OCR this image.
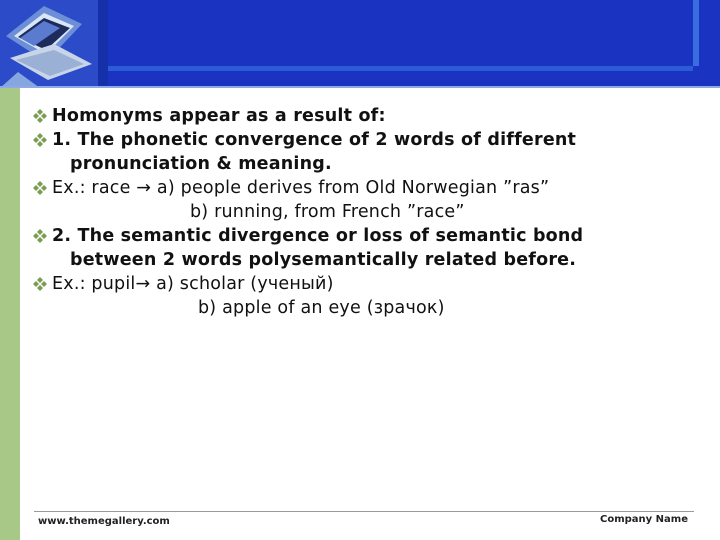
Homonyms appear as a result of:
1. The phonetic convergence of 2 words of different
pronunciation & meaning.
Ex.: race → a) people derives from Old Norwegian ”ras”
b) running, from French ”race”
2. The semantic divergence or loss of semantic bond
between 2 words polysemantically related before.
Ex.: pupil→ a) scholar (ученый)
b) apple of an eye (зрачок)
www.themegallery.com	Company Name
